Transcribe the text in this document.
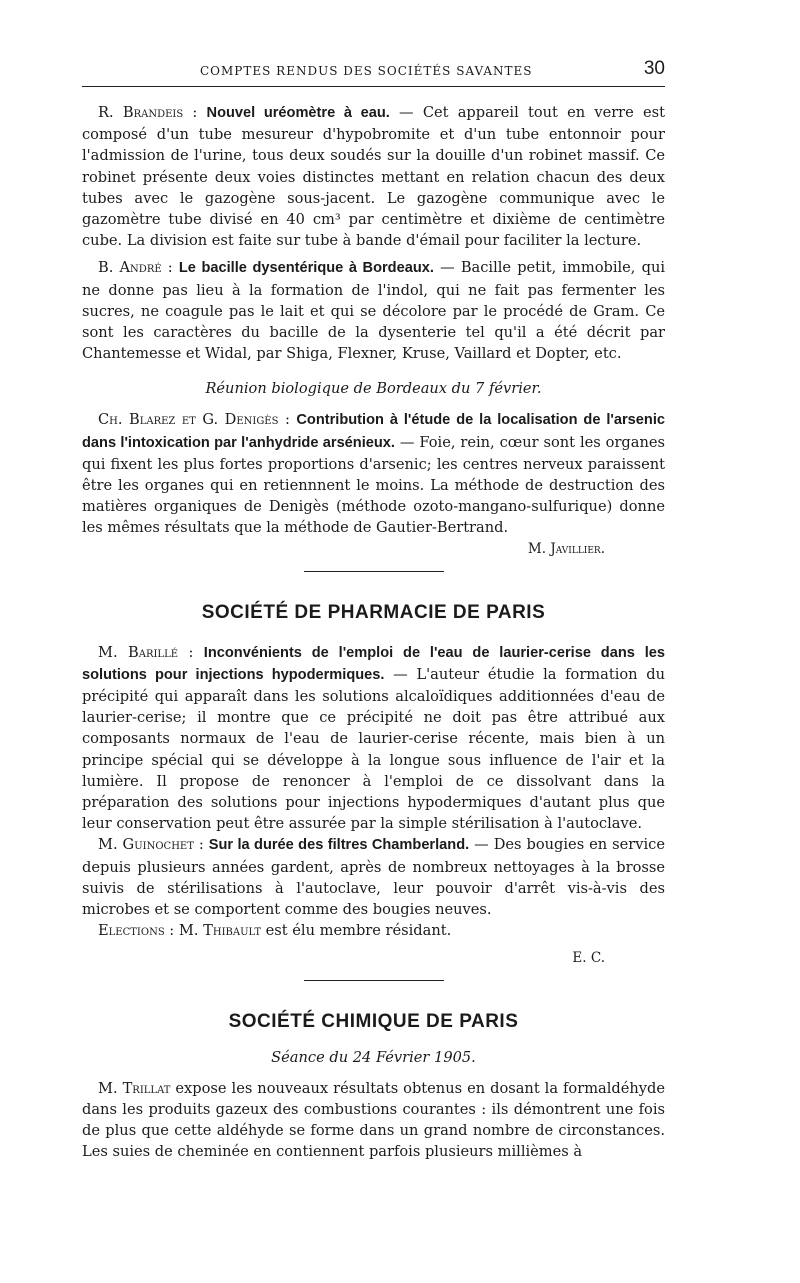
COMPTES RENDUS DES SOCIÉTÉS SAVANTES	30

R. Brandeis : Nouvel uréomètre à eau. — Cet appareil tout en verre est composé d'un tube mesureur d'hypobromite et d'un tube entonnoir pour l'admission de l'urine, tous deux soudés sur la douille d'un robinet massif. Ce robinet présente deux voies distinctes mettant en relation chacun des deux tubes avec le gazogène sous-jacent. Le gazogène communique avec le gazomètre tube divisé en 40 cm³ par centimètre et dixième de centimètre cube. La division est faite sur tube à bande d'émail pour faciliter la lecture.

B. André : Le bacille dysentérique à Bordeaux. — Bacille petit, immobile, qui ne donne pas lieu à la formation de l'indol, qui ne fait pas fermenter les sucres, ne coagule pas le lait et qui se décolore par le procédé de Gram. Ce sont les caractères du bacille de la dysenterie tel qu'il a été décrit par Chantemesse et Widal, par Shiga, Flexner, Kruse, Vaillard et Dopter, etc.

Réunion biologique de Bordeaux du 7 février.

Ch. Blarez et G. Denigès : Contribution à l'étude de la localisation de l'arsenic dans l'intoxication par l'anhydride arsénieux. — Foie, rein, cœur sont les organes qui fixent les plus fortes proportions d'arsenic; les centres nerveux paraissent être les organes qui en retiennnent le moins. La méthode de destruction des matières organiques de Denigès (méthode ozoto-mangano-sulfurique) donne les mêmes résultats que la méthode de Gautier-Bertrand.

M. Javillier.
SOCIÉTÉ DE PHARMACIE DE PARIS

M. Barillé : Inconvénients de l'emploi de l'eau de laurier-cerise dans les solutions pour injections hypodermiques. — L'auteur étudie la formation du précipité qui apparaît dans les solutions alcaloïdiques additionnées d'eau de laurier-cerise; il montre que ce précipité ne doit pas être attribué aux composants normaux de l'eau de laurier-cerise récente, mais bien à un principe spécial qui se développe à la longue sous influence de l'air et la lumière. Il propose de renoncer à l'emploi de ce dissolvant dans la préparation des solutions pour injections hypodermiques d'autant plus que leur conservation peut être assurée par la simple stérilisation à l'autoclave.

M. Guinochet : Sur la durée des filtres Chamberland. — Des bougies en service depuis plusieurs années gardent, après de nombreux nettoyages à la brosse suivis de stérilisations à l'autoclave, leur pouvoir d'arrêt vis-à-vis des microbes et se comportent comme des bougies neuves.

Elections : M. Thibault est élu membre résidant.

E. C.
SOCIÉTÉ CHIMIQUE DE PARIS
Séance du 24 Février 1905.

M. Trillat expose les nouveaux résultats obtenus en dosant la formaldéhyde dans les produits gazeux des combustions courantes : ils démontrent une fois de plus que cette aldéhyde se forme dans un grand nombre de circonstances. Les suies de cheminée en contiennent parfois plusieurs millièmes à
